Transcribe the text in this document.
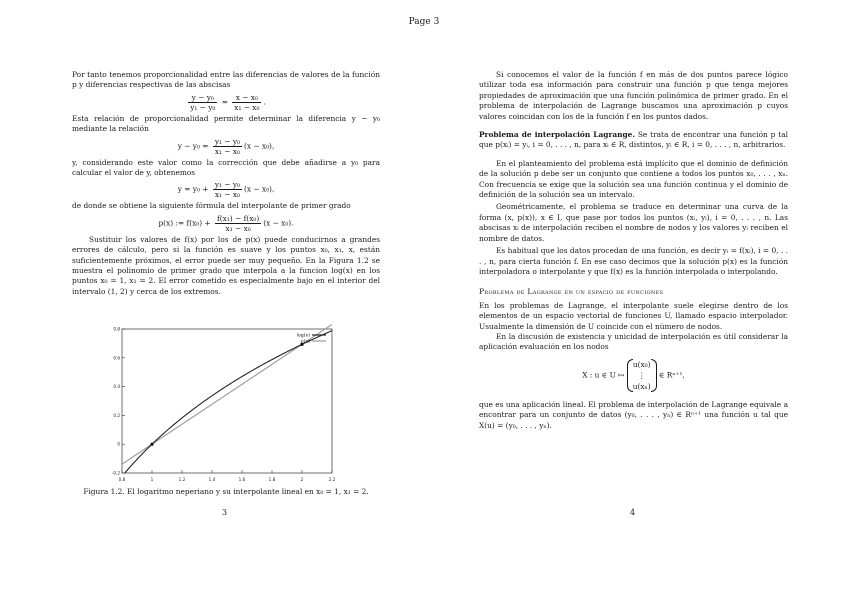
Page 3

Por tanto tenemos proporcionalidad entre las diferencias de valores de la función p y diferencias respectivas de las abscisas

$\frac{\text{y − y₀}}{\text{y₁ − y₀}} = \frac{\text{x − x₀}}{\text{x₁ − x₀}}$ .

Esta relación de proporcionalidad permite determinar la diferencia y − y₀ mediante la relación

$y - y_0 = \frac{\text{y₁ − y₀}}{\text{x₁ − x₀}} (x - x_0)$,

y, considerando este valor como la corrección que debe añadirse a y₀ para calcular el valor de y, obtenemos

$y = y_0 + \frac{\text{y₁ − y₀}}{\text{x₁ − x₀}} (x - x_0)$,

de donde se obtiene la siguiente fórmula del interpolante de primer grado

p(x) := $f(x_0) + \frac{\text{f(x₁) − f(x₀)}}{\text{x₁ − x₀}} (x - x_0)$.

Sustituir los valores de f(x) por los de p(x) puede conducirnos a grandes errores de cálculo, pero si la función es suave y los puntos x₀, x₁, x, están suficientemente próximos, el error puede ser muy pequeño. En la Figura 1.2 se muestra el polinomio de primer grado que interpola a la funcion log(x) en los puntos x₀ = 1, x₁ = 2. El error cometido es especialmente bajo en el interior del intervalo (1, 2) y cerca de los extremos.

0.8	1	1.2	1.4	1.6	1.8	2	2.2
-0.2
0
0.2
0.4
0.6
0.8
log(x)
p(x)
Figura 1.2. El logaritmo neperiano y su interpolante lineal en x₀ = 1, x₁ = 2.
3

Si conocemos el valor de la función f en más de dos puntos parece lógico utilizar toda esa información para construir una función p que tenga mejores propiedades de aproximación que una función polinómica de primer grado. En el problema de interpolación de Lagrange buscamos una aproximación p cuyos valores coincidan con los de la función f en los puntos dados.

Problema de interpolación Lagrange. Se trata de encontrar una función p tal que p(xᵢ) = yᵢ, i = 0, . . . , n, para xᵢ ∈ R, distintos, yᵢ ∈ R, i = 0, . . . , n, arbitrarios.

En el planteamiento del problema está implícito que el dominio de definición de la solución p debe ser un conjunto que contiene a todos los puntos x₀, . . . , xₙ. Con frecuencia se exige que la solución sea una función continua y el dominio de definición de la solución sea un intervalo.

Geométricamente, el problema se traduce en determinar una curva de la forma (x, p(x)), x ∈ I, que pase por todos los puntos (xᵢ, yᵢ), i = 0, . . . , n. Las abscisas xᵢ de interpolación reciben el nombre de nodos y los valores yᵢ reciben el nombre de datos.

Es habitual que los datos procedan de una función, es decir yᵢ = f(xᵢ), i = 0, . . . , n, para cierta función f. En ese caso decimos que la solución p(x) es la función interpoladora o interpolante y que f(x) es la función interpolada o interpolando.

Problema de Lagrange en un espacio de funciones

En los problemas de Lagrange, el interpolante suele elegirse dentro de los elementos de un espacio vectorial de funciones U, llamado espacio interpolador. Usualmente la dimensión de U coincide con el número de nodos.

En la discusión de existencia y unicidad de interpolación es útil considerar la aplicación evaluación en los nodos

X : u ∈ U ↦
u(x₀)
⋮
u(xₙ)
∈ Rⁿ⁺¹,

que es una aplicación lineal. El problema de interpolación de Lagrange equivale a encontrar para un conjunto de datos (y₀, . . . , yₙ) ∈ Rⁿ⁺¹ una función u tal que X(u) = (y₀, . . . , yₙ).

4
